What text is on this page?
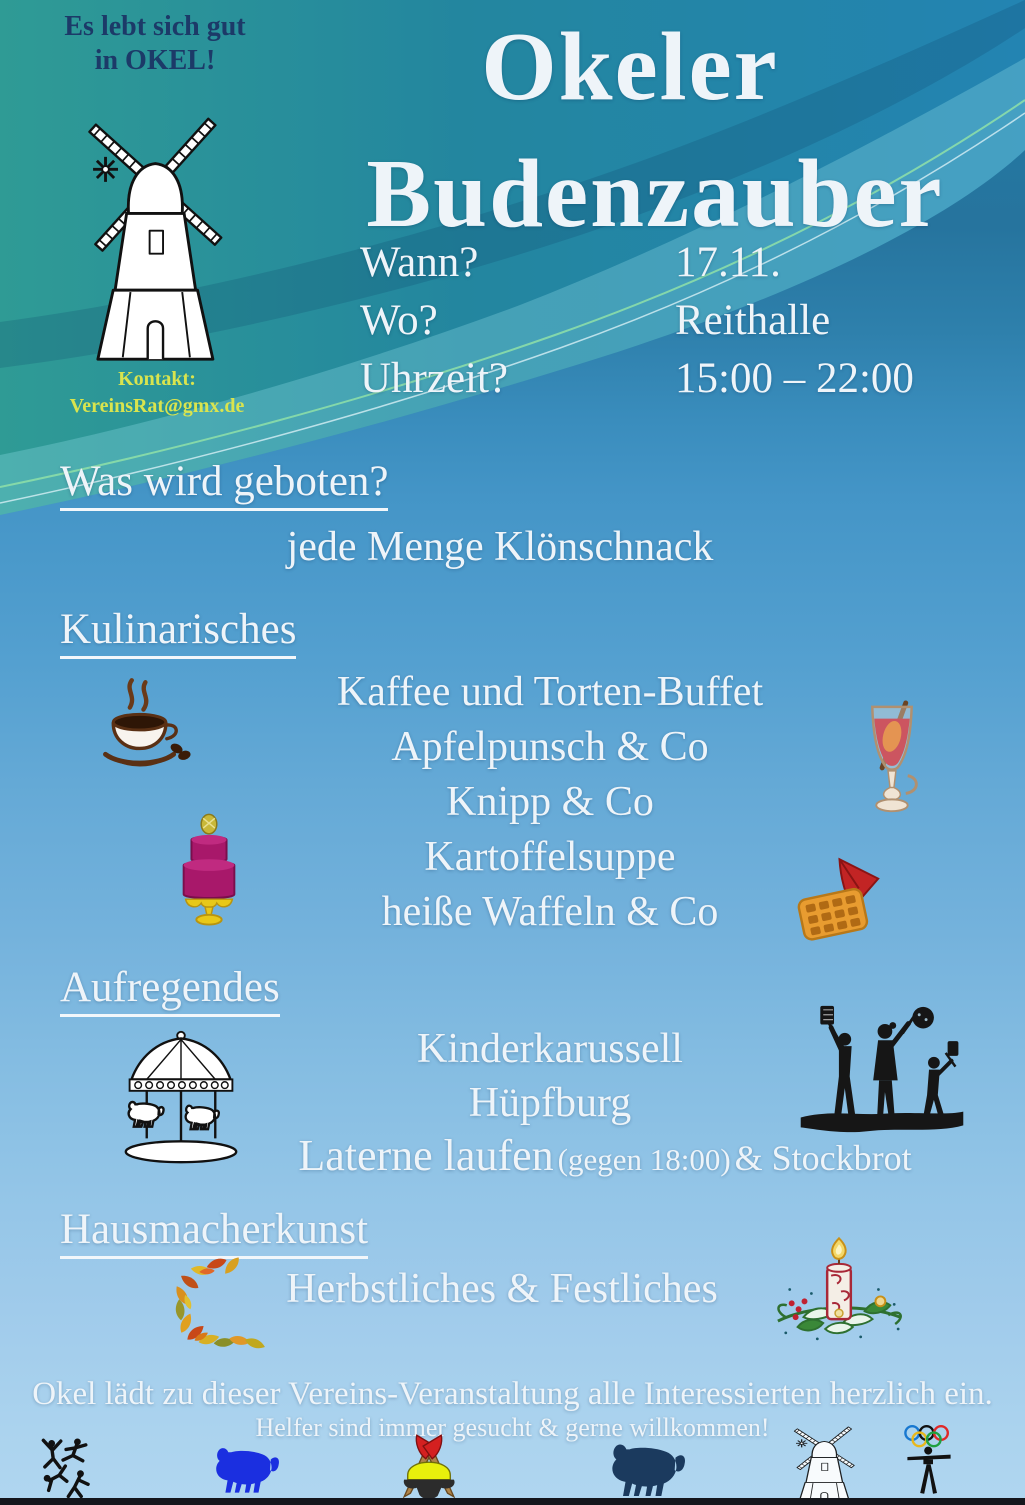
Es lebt sich gut
in OKEL!
Kontakt:
VereinsRat@gmx.de
Okeler
Budenzauber
Wann?	17.11.
Wo?	Reithalle
Uhrzeit?	15:00 – 22:00
Was wird geboten?
jede Menge Klönschnack
Kulinarisches
Kaffee und Torten-Buffet
Apfelpunsch & Co
Knipp & Co
Kartoffelsuppe
heiße Waffeln & Co
Aufregendes
Kinderkarussell
Hüpfburg
Laterne laufen (gegen 18:00) & Stockbrot
Hausmacherkunst
Herbstliches & Festliches
Okel lädt zu dieser Vereins-Veranstaltung alle Interessierten herzlich ein.
Helfer sind immer gesucht & gerne willkommen!
